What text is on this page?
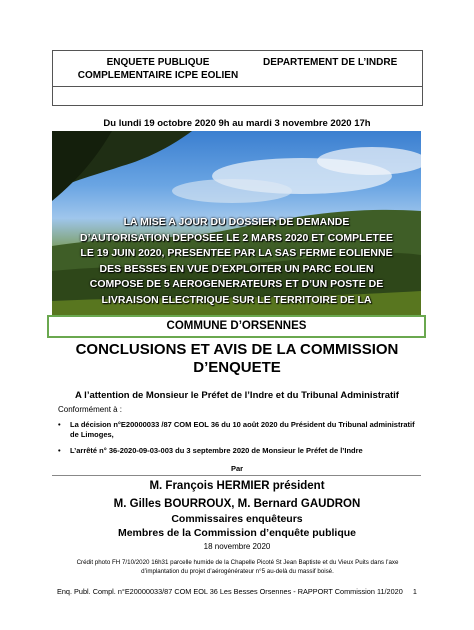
ENQUETE PUBLIQUE
COMPLEMENTAIRE ICPE EOLIEN
DEPARTEMENT DE L’INDRE
Du lundi 19 octobre 2020 9h au mardi 3 novembre 2020 17h
LA MISE A JOUR DU DOSSIER DE DEMANDE
D’AUTORISATION DEPOSEE LE 2 MARS 2020 ET COMPLETEE
LE 19 JUIN 2020, PRESENTEE PAR LA SAS FERME EOLIENNE
DES BESSES EN VUE D’EXPLOITER UN PARC EOLIEN
COMPOSE DE 5 AEROGENERATEURS ET D’UN POSTE DE
LIVRAISON ELECTRIQUE SUR LE TERRITOIRE DE LA
COMMUNE D’ORSENNES
CONCLUSIONS ET AVIS DE LA COMMISSION
D’ENQUETE
A l’attention de Monsieur le Préfet de l’Indre et du Tribunal Administratif
Conformément à :
• La décision n°E20000033 /87 COM EOL 36 du 10 août 2020 du Président du Tribunal administratif de Limoges,
• L’arrêté n° 36-2020-09-03-003 du 3 septembre 2020 de Monsieur le Préfet de l’Indre
Par
M. François HERMIER président
M. Gilles BOURROUX, M. Bernard GAUDRON
Commissaires enquêteurs
Membres de la Commission d’enquête publique
18 novembre 2020
Crédit photo FH 7/10/2020 16h31 parcelle humide de la Chapelle Picoté St Jean Baptiste et du Vieux Puits dans l’axe
d’implantation du projet d’aérogénérateur n°5 au-delà du massif boisé.
Enq. Publ. Compl. n°E20000033/87 COM EOL 36 Les Besses Orsennes - RAPPORT Commission 11/2020 1
